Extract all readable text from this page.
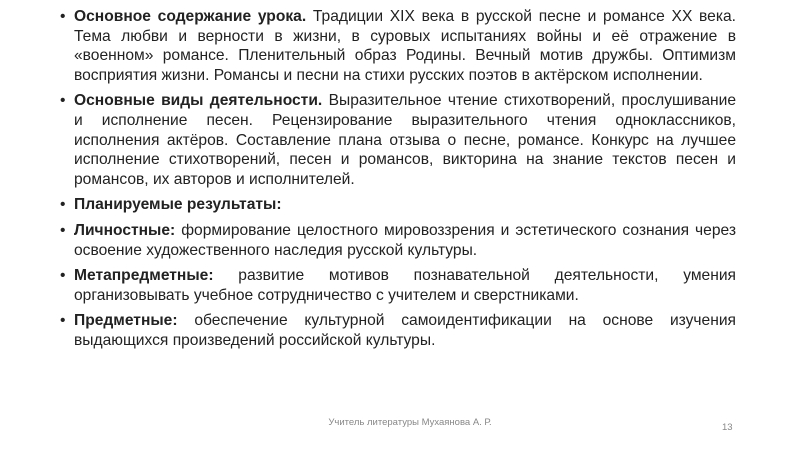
• Основное содержание урока. Традиции XIX века в русской песне и романсе XX века. Тема любви и верности в жизни, в суровых испытаниях войны и её отражение в «военном» романсе. Пленительный образ Родины. Вечный мотив дружбы. Оптимизм восприятия жизни. Романсы и песни на стихи русских поэтов в актёрском исполнении.
• Основные виды деятельности. Выразительное чтение стихотворений, прослушивание и исполнение песен. Рецензирование выразительного чтения одноклассников, исполнения актёров. Составление плана отзыва о песне, романсе. Конкурс на лучшее исполнение стихотворений, песен и романсов, викторина на знание текстов песен и романсов, их авторов и исполнителей.
• Планируемые результаты:
• Личностные: формирование целостного мировоззрения и эстетического сознания через освоение художественного наследия русской культуры.
• Метапредметные: развитие мотивов познавательной деятельности, умения организовывать учебное сотрудничество с учителем и сверстниками.
• Предметные: обеспечение культурной самоидентификации на основе изучения выдающихся произведений российской культуры.
Учитель литературы Мухаянова А. Р.	13
